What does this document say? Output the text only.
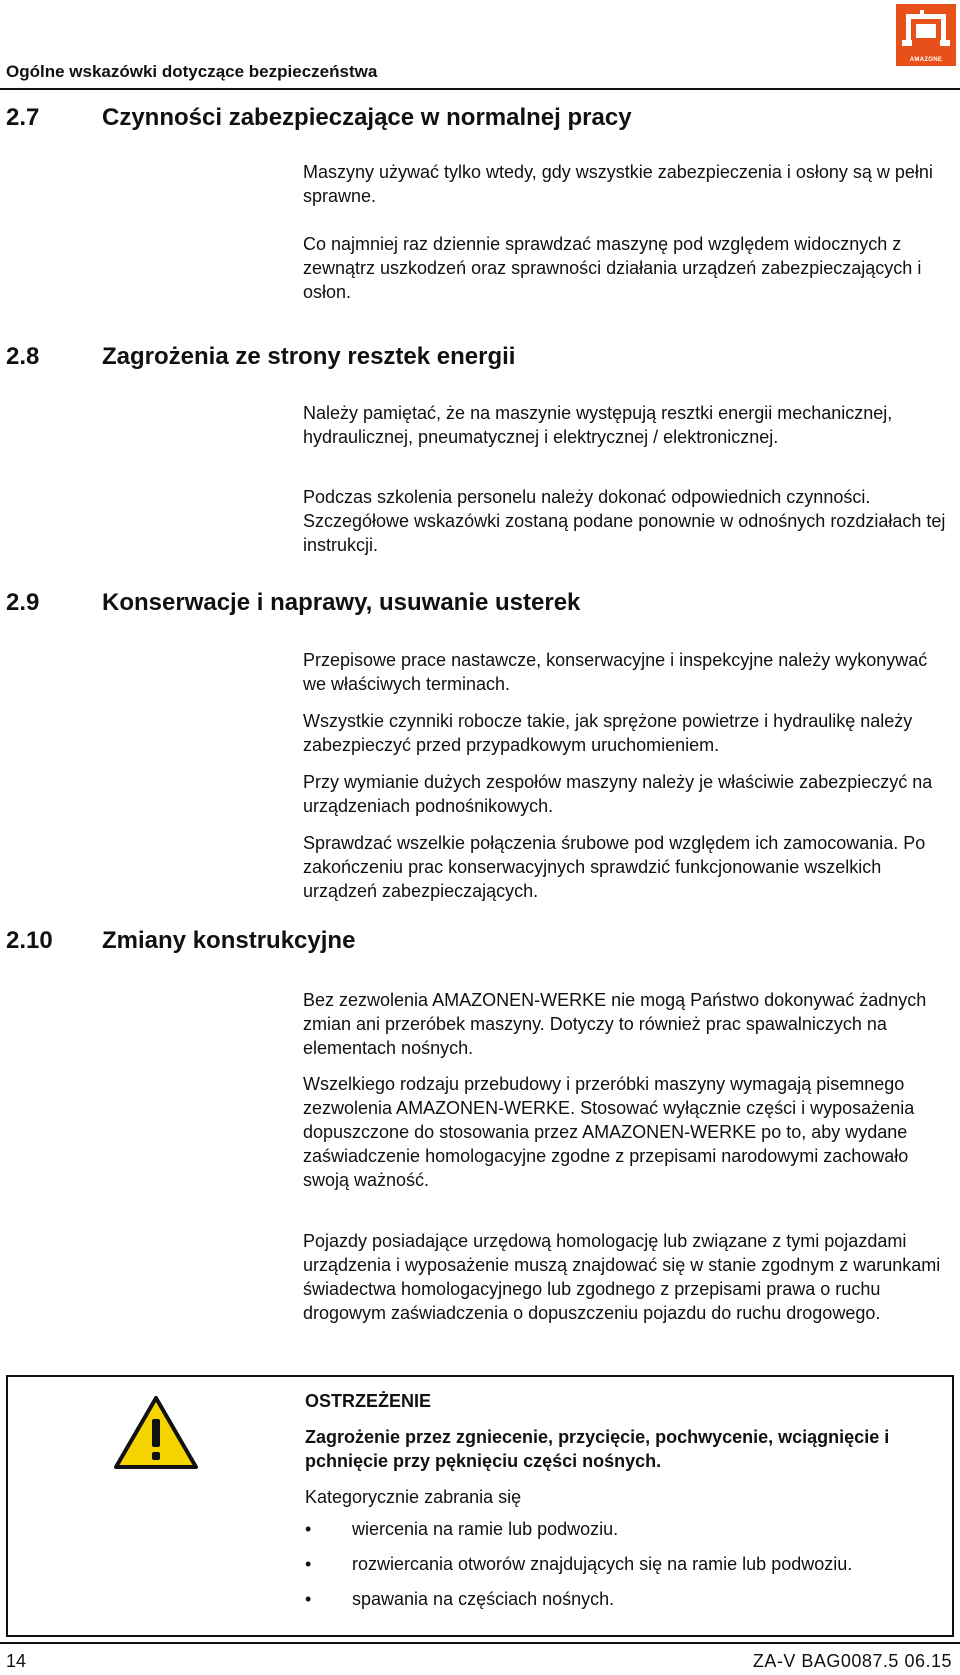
Ogólne wskazówki dotyczące bezpieczeństwa
AMAZONE
2.7	Czynności zabezpieczające w normalnej pracy

Maszyny używać tylko wtedy, gdy wszystkie zabezpieczenia i osłony są w pełni sprawne.

Co najmniej raz dziennie sprawdzać maszynę pod względem widocznych z zewnątrz uszkodzeń oraz sprawności działania urządzeń zabezpieczających i osłon.

2.8	Zagrożenia ze strony resztek energii

Należy pamiętać, że na maszynie występują resztki energii mechanicznej, hydraulicznej, pneumatycznej i elektrycznej / elektronicznej.

Podczas szkolenia personelu należy dokonać odpowiednich czynności. Szczegółowe wskazówki zostaną podane ponownie w odnośnych rozdziałach tej instrukcji.

2.9	Konserwacje i naprawy, usuwanie usterek

Przepisowe prace nastawcze, konserwacyjne i inspekcyjne należy wykonywać we właściwych terminach.

Wszystkie czynniki robocze takie, jak sprężone powietrze i hydraulikę należy zabezpieczyć przed przypadkowym uruchomieniem.

Przy wymianie dużych zespołów maszyny należy je właściwie zabezpieczyć na urządzeniach podnośnikowych.

Sprawdzać wszelkie połączenia śrubowe pod względem ich zamocowania. Po zakończeniu prac konserwacyjnych sprawdzić funkcjonowanie wszelkich urządzeń zabezpieczających.

2.10 Zmiany konstrukcyjne

Bez zezwolenia AMAZONEN-WERKE nie mogą Państwo dokonywać żadnych zmian ani przeróbek maszyny. Dotyczy to również prac spawalniczych na elementach nośnych.

Wszelkiego rodzaju przebudowy i przeróbki maszyny wymagają pisemnego zezwolenia AMAZONEN-WERKE. Stosować wyłącznie części i wyposażenia dopuszczone do stosowania przez AMAZONEN-WERKE po to, aby wydane zaświadczenie homologacyjne zgodne z przepisami narodowymi zachowało swoją ważność.

Pojazdy posiadające urzędową homologację lub związane z tymi pojazdami urządzenia i wyposażenie muszą znajdować się w stanie zgodnym z warunkami świadectwa homologacyjnego lub zgodnego z przepisami prawa o ruchu drogowym zaświadczenia o dopuszczeniu pojazdu do ruchu drogowego.

OSTRZEŻENIE

Zagrożenie przez zgniecenie, przycięcie, pochwycenie, wciągnięcie i pchnięcie przy pęknięciu części nośnych.

Kategorycznie zabrania się

• wiercenia na ramie lub podwoziu.
• rozwiercania otworów znajdujących się na ramie lub podwoziu.
• spawania na częściach nośnych.
14	ZA-V BAG0087.5 06.15
